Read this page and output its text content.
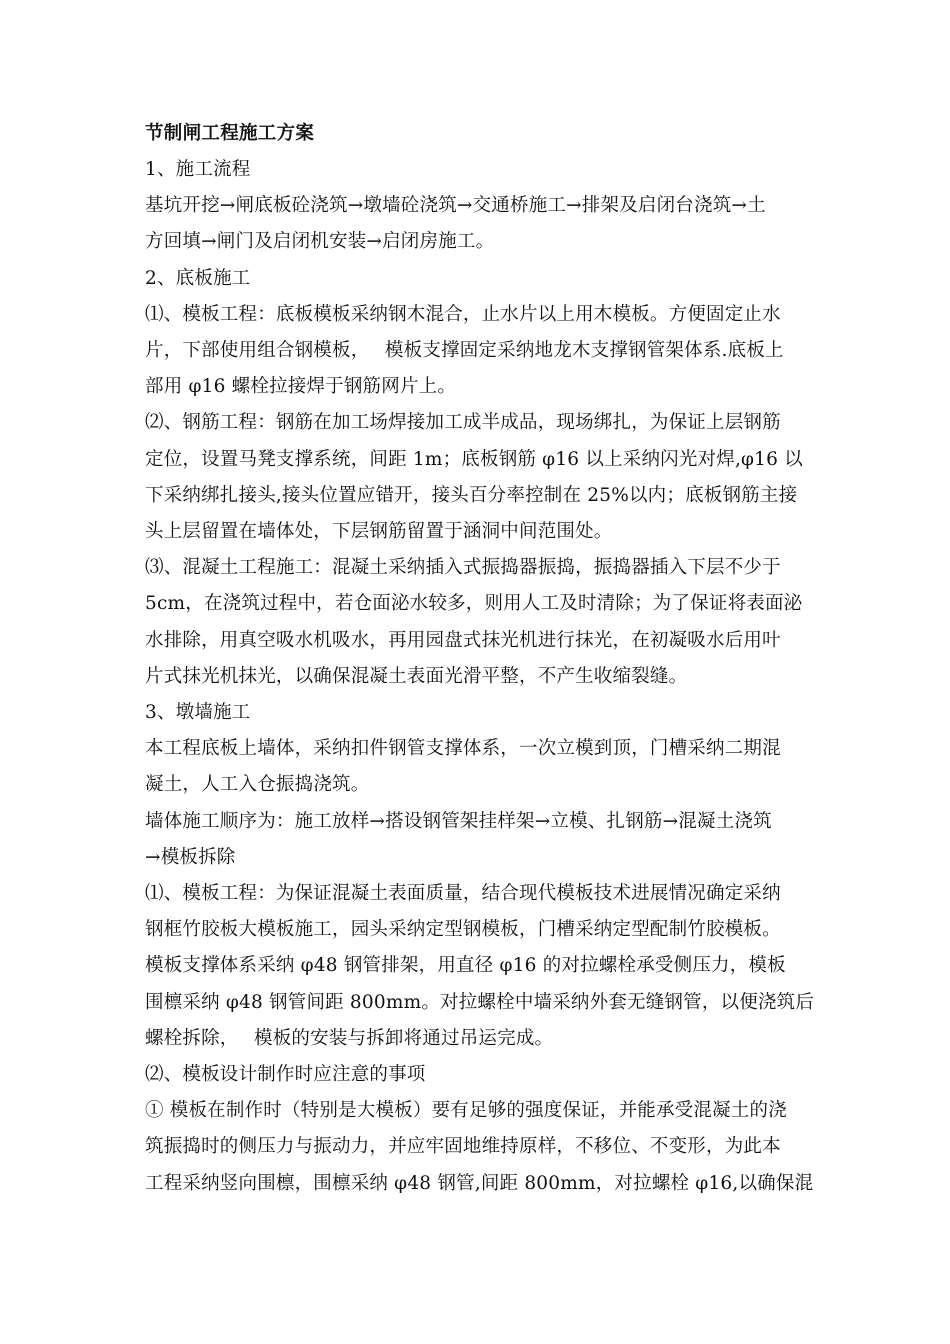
节制闸工程施工方案
1、施工流程
基坑开挖→闸底板砼浇筑→墩墙砼浇筑→交通桥施工→排架及启闭台浇筑→土
方回填→闸门及启闭机安装→启闭房施工。
2、底板施工
⑴、模板工程：底板模板采纳钢木混合，止水片以上用木模板。方便固定止水
片，下部使用组合钢模板，　 模板支撑固定采纳地龙木支撑钢管架体系.底板上
部用 φ16 螺栓拉接焊于钢筋网片上。
⑵、钢筋工程：钢筋在加工场焊接加工成半成品，现场绑扎，为保证上层钢筋
定位，设置马凳支撑系统，间距 1m；底板钢筋 φ16 以上采纳闪光对焊,φ16 以
下采纳绑扎接头,接头位置应错开，接头百分率控制在 25%以内；底板钢筋主接
头上层留置在墙体处，下层钢筋留置于涵洞中间范围处。
⑶、混凝土工程施工：混凝土采纳插入式振捣器振捣，振捣器插入下层不少于
5cm，在浇筑过程中，若仓面泌水较多，则用人工及时清除；为了保证将表面泌
水排除，用真空吸水机吸水，再用园盘式抹光机进行抹光，在初凝吸水后用叶
片式抹光机抹光，以确保混凝土表面光滑平整，不产生收缩裂缝。
3、墩墙施工
本工程底板上墙体，采纳扣件钢管支撑体系，一次立模到顶，门槽采纳二期混
凝土，人工入仓振捣浇筑。
墙体施工顺序为：施工放样→搭设钢管架挂样架→立模、扎钢筋→混凝土浇筑
→模板拆除
⑴、模板工程：为保证混凝土表面质量，结合现代模板技术进展情况确定采纳
钢框竹胶板大模板施工，园头采纳定型钢模板，门槽采纳定型配制竹胶模板。
模板支撑体系采纳 φ48 钢管排架，用直径 φ16 的对拉螺栓承受侧压力，模板
围檩采纳 φ48 钢管间距 800mm。对拉螺栓中墙采纳外套无缝钢管，以便浇筑后
螺栓拆除，　 模板的安装与拆卸将通过吊运完成。
⑵、模板设计制作时应注意的事项
① 模板在制作时（特别是大模板）要有足够的强度保证，并能承受混凝土的浇
筑振捣时的侧压力与振动力，并应牢固地维持原样，不移位、不变形，为此本
工程采纳竖向围檩，围檩采纳 φ48 钢管,间距 800mm，对拉螺栓 φ16,以确保混
